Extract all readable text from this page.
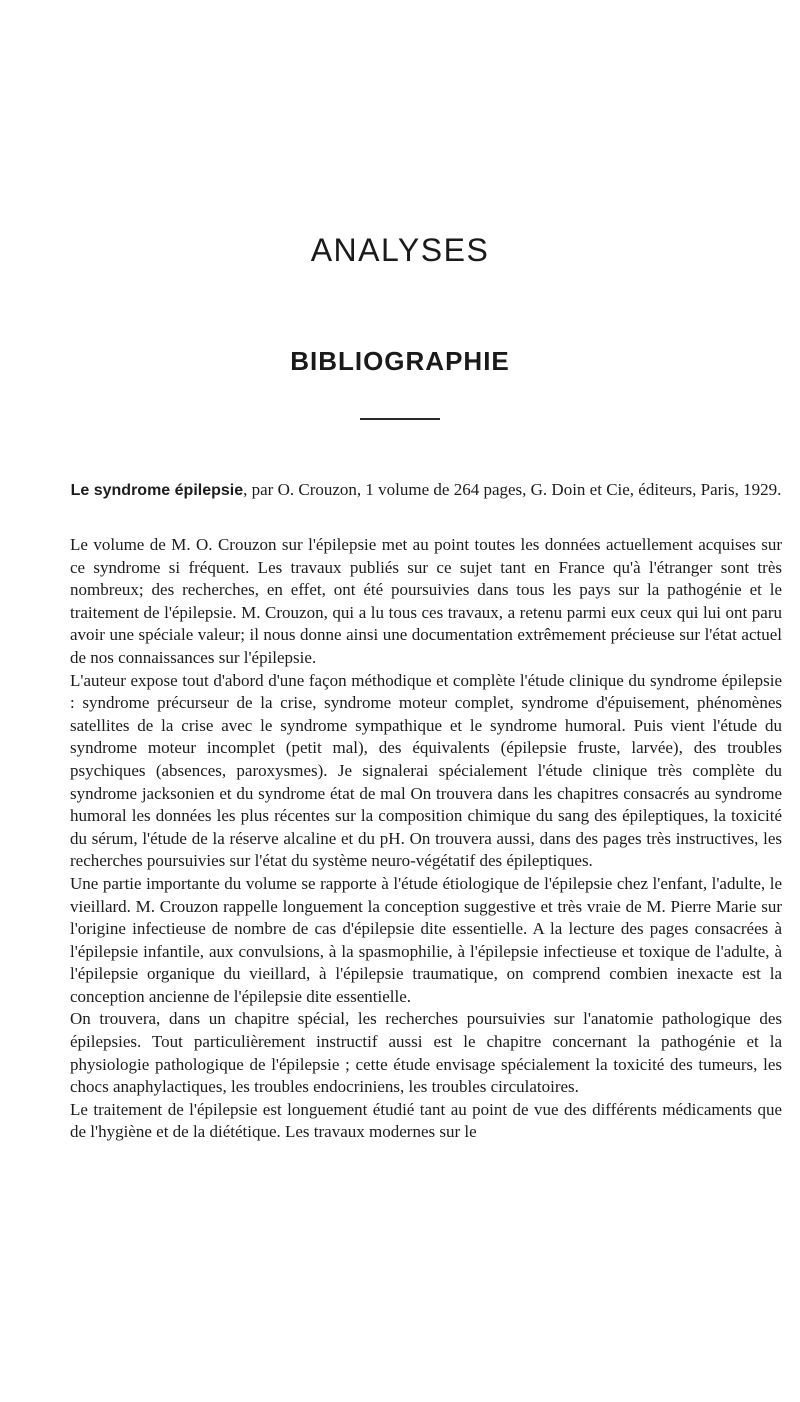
ANALYSES
BIBLIOGRAPHIE
Le syndrome épilepsie, par O. Crouzon, 1 volume de 264 pages, G. Doin et Cie, éditeurs, Paris, 1929.

Le volume de M. O. Crouzon sur l'épilepsie met au point toutes les données actuellement acquises sur ce syndrome si fréquent. Les travaux publiés sur ce sujet tant en France qu'à l'étranger sont très nombreux; des recherches, en effet, ont été poursuivies dans tous les pays sur la pathogénie et le traitement de l'épilepsie. M. Crouzon, qui a lu tous ces travaux, a retenu parmi eux ceux qui lui ont paru avoir une spéciale valeur; il nous donne ainsi une documentation extrêmement précieuse sur l'état actuel de nos connaissances sur l'épilepsie.

L'auteur expose tout d'abord d'une façon méthodique et complète l'étude clinique du syndrome épilepsie : syndrome précurseur de la crise, syndrome moteur complet, syndrome d'épuisement, phénomènes satellites de la crise avec le syndrome sympathique et le syndrome humoral. Puis vient l'étude du syndrome moteur incomplet (petit mal), des équivalents (épilepsie fruste, larvée), des troubles psychiques (absences, paroxysmes). Je signalerai spécialement l'étude clinique très complète du syndrome jacksonien et du syndrome état de mal On trouvera dans les chapitres consacrés au syndrome humoral les données les plus récentes sur la composition chimique du sang des épileptiques, la toxicité du sérum, l'étude de la réserve alcaline et du pH. On trouvera aussi, dans des pages très instructives, les recherches poursuivies sur l'état du système neuro-végétatif des épileptiques.

Une partie importante du volume se rapporte à l'étude étiologique de l'épilepsie chez l'enfant, l'adulte, le vieillard. M. Crouzon rappelle longuement la conception suggestive et très vraie de M. Pierre Marie sur l'origine infectieuse de nombre de cas d'épilepsie dite essentielle. A la lecture des pages consacrées à l'épilepsie infantile, aux convulsions, à la spasmophilie, à l'épilepsie infectieuse et toxique de l'adulte, à l'épilepsie organique du vieillard, à l'épilepsie traumatique, on comprend combien inexacte est la conception ancienne de l'épilepsie dite essentielle.

On trouvera, dans un chapitre spécial, les recherches poursuivies sur l'anatomie pathologique des épilepsies. Tout particulièrement instructif aussi est le chapitre concernant la pathogénie et la physiologie pathologique de l'épilepsie ; cette étude envisage spécialement la toxicité des tumeurs, les chocs anaphylactiques, les troubles endocriniens, les troubles circulatoires.

Le traitement de l'épilepsie est longuement étudié tant au point de vue des différents médicaments que de l'hygiène et de la diététique. Les travaux modernes sur le
